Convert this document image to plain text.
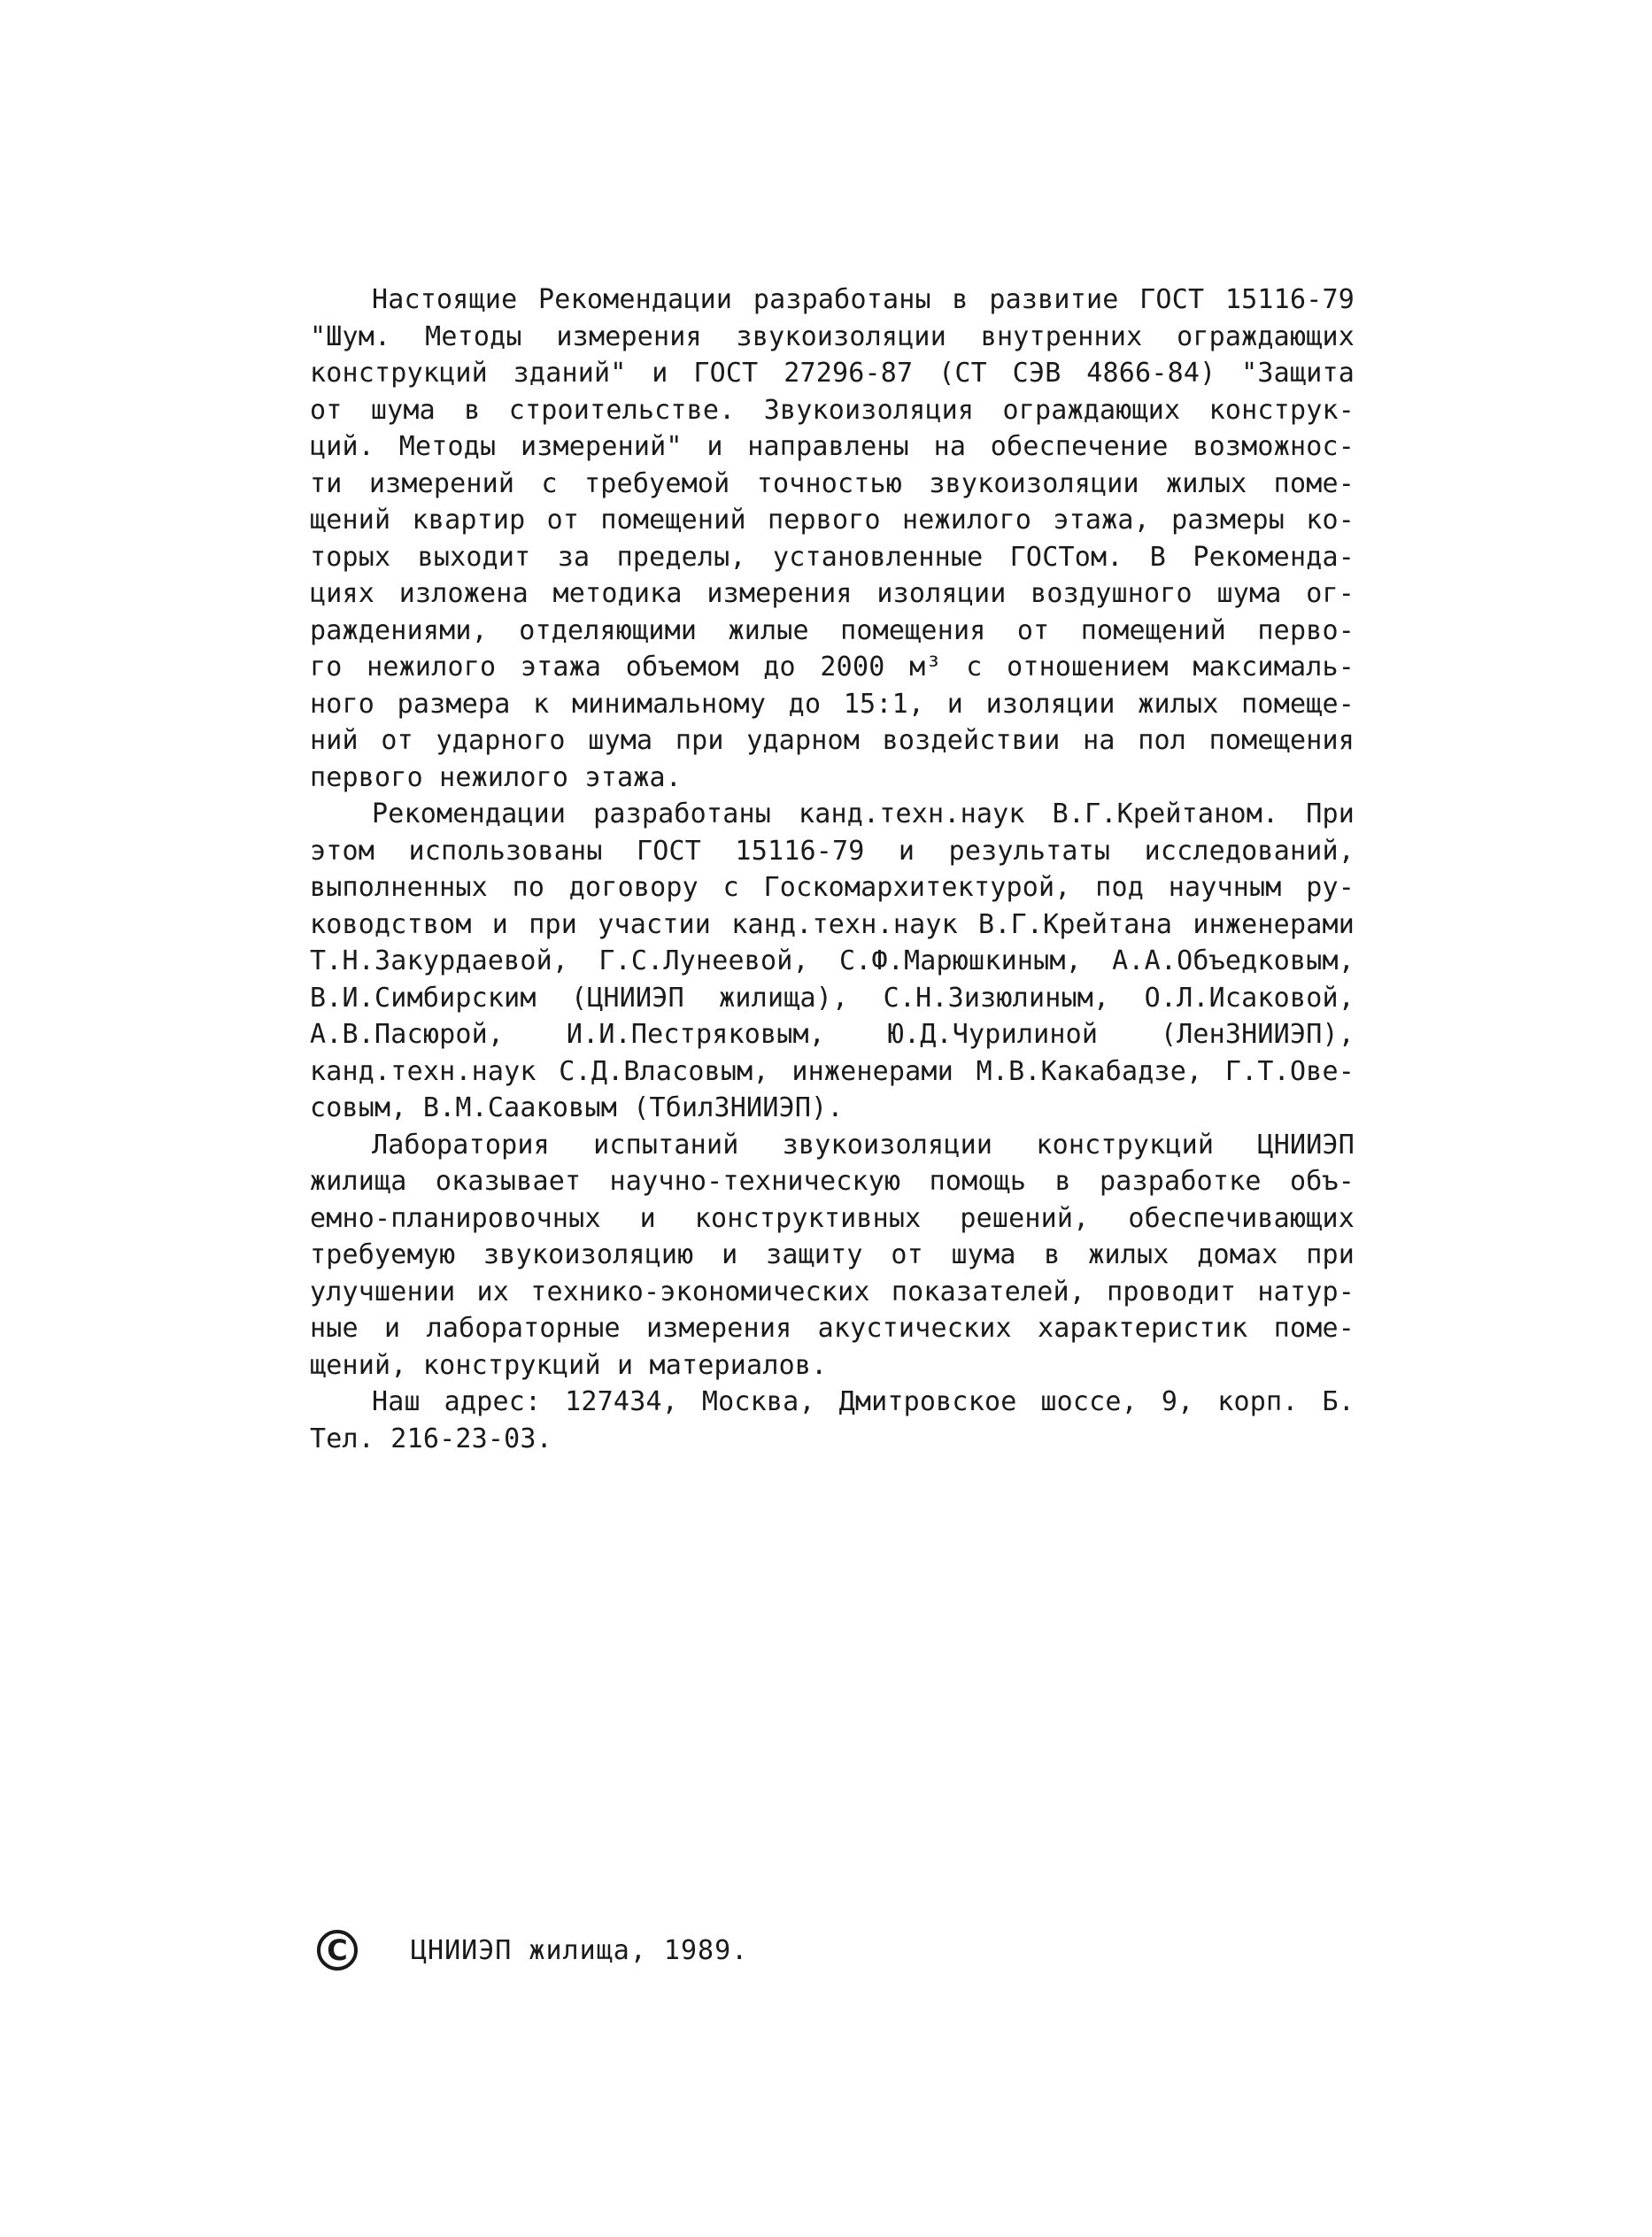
Настоящие Рекомендации разработаны в развитие ГОСТ 15116-79
"Шум. Методы измерения звукоизоляции внутренних ограждающих
конструкций зданий" и ГОСТ 27296-87 (СТ СЭВ 4866-84) "Защита
от шума в строительстве. Звукоизоляция ограждающих конструк-
ций. Методы измерений" и направлены на обеспечение возможнос-
ти измерений с требуемой точностью звукоизоляции жилых поме-
щений квартир от помещений первого нежилого этажа, размеры ко-
торых выходит за пределы, установленные ГОСТом. В Рекоменда-
циях изложена методика измерения изоляции воздушного шума ог-
раждениями, отделяющими жилые помещения от помещений перво-
го нежилого этажа объемом до 2000 м³ с отношением максималь-
ного размера к минимальному до 15:1, и изоляции жилых помеще-
ний от ударного шума при ударном воздействии на пол помещения
первого нежилого этажа.
Рекомендации разработаны канд.техн.наук В.Г.Крейтаном. При
этом использованы ГОСТ 15116-79 и результаты исследований,
выполненных по договору с Госкомархитектурой, под научным ру-
ководством и при участии канд.техн.наук В.Г.Крейтана инженерами
Т.Н.Закурдаевой, Г.С.Лунеевой, С.Ф.Марюшкиным, А.А.Объедковым,
В.И.Симбирским (ЦНИИЭП жилища), С.Н.Зизюлиным, О.Л.Исаковой,
А.В.Пасюрой, И.И.Пестряковым, Ю.Д.Чурилиной (ЛенЗНИИЭП),
канд.техн.наук С.Д.Власовым, инженерами М.В.Какабадзе, Г.Т.Ове-
совым, В.М.Сааковым (ТбилЗНИИЭП).
Лаборатория испытаний звукоизоляции конструкций ЦНИИЭП
жилища оказывает научно-техническую помощь в разработке объ-
емно-планировочных и конструктивных решений, обеспечивающих
требуемую звукоизоляцию и защиту от шума в жилых домах при
улучшении их технико-экономических показателей, проводит натур-
ные и лабораторные измерения акустических характеристик поме-
щений, конструкций и материалов.
Наш адрес: 127434, Москва, Дмитровское шоссе, 9, корп. Б.
Тел. 216-23-03.
C	ЦНИИЭП жилища, 1989.
